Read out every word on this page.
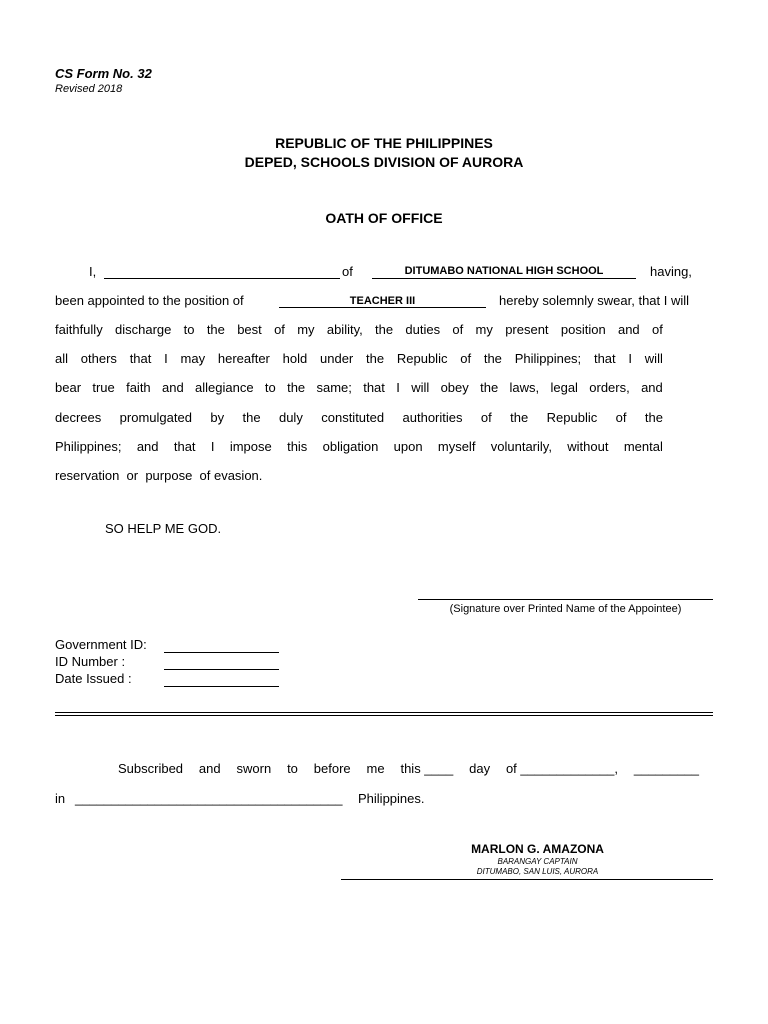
CS Form No. 32
Revised 2018
REPUBLIC OF THE PHILIPPINES
DEPED, SCHOOLS DIVISION OF AURORA
OATH OF OFFICE
I,	of	DITUMABO NATIONAL HIGH SCHOOL	having,
been appointed to the position of	TEACHER III	hereby solemnly swear, that I will
faithfully discharge to the best of my ability, the duties of my present position and of
all others that I may hereafter hold under the Republic of the Philippines; that I will
bear true faith and allegiance to the same; that I will obey the laws, legal orders, and
decrees promulgated by the duly constituted authorities of the Republic of the
Philippines; and that I impose this obligation upon myself voluntarily, without mental
reservation  or  purpose  of evasion.
SO HELP ME GOD.
(Signature over Printed Name of the Appointee)
Government ID:
ID Number :
Date Issued :
Subscribed and sworn to before me this ____ day of _____________, _________
in _____________________________________ Philippines.
MARLON G. AMAZONA
BARANGAY CAPTAIN
DITUMABO, SAN LUIS, AURORA
